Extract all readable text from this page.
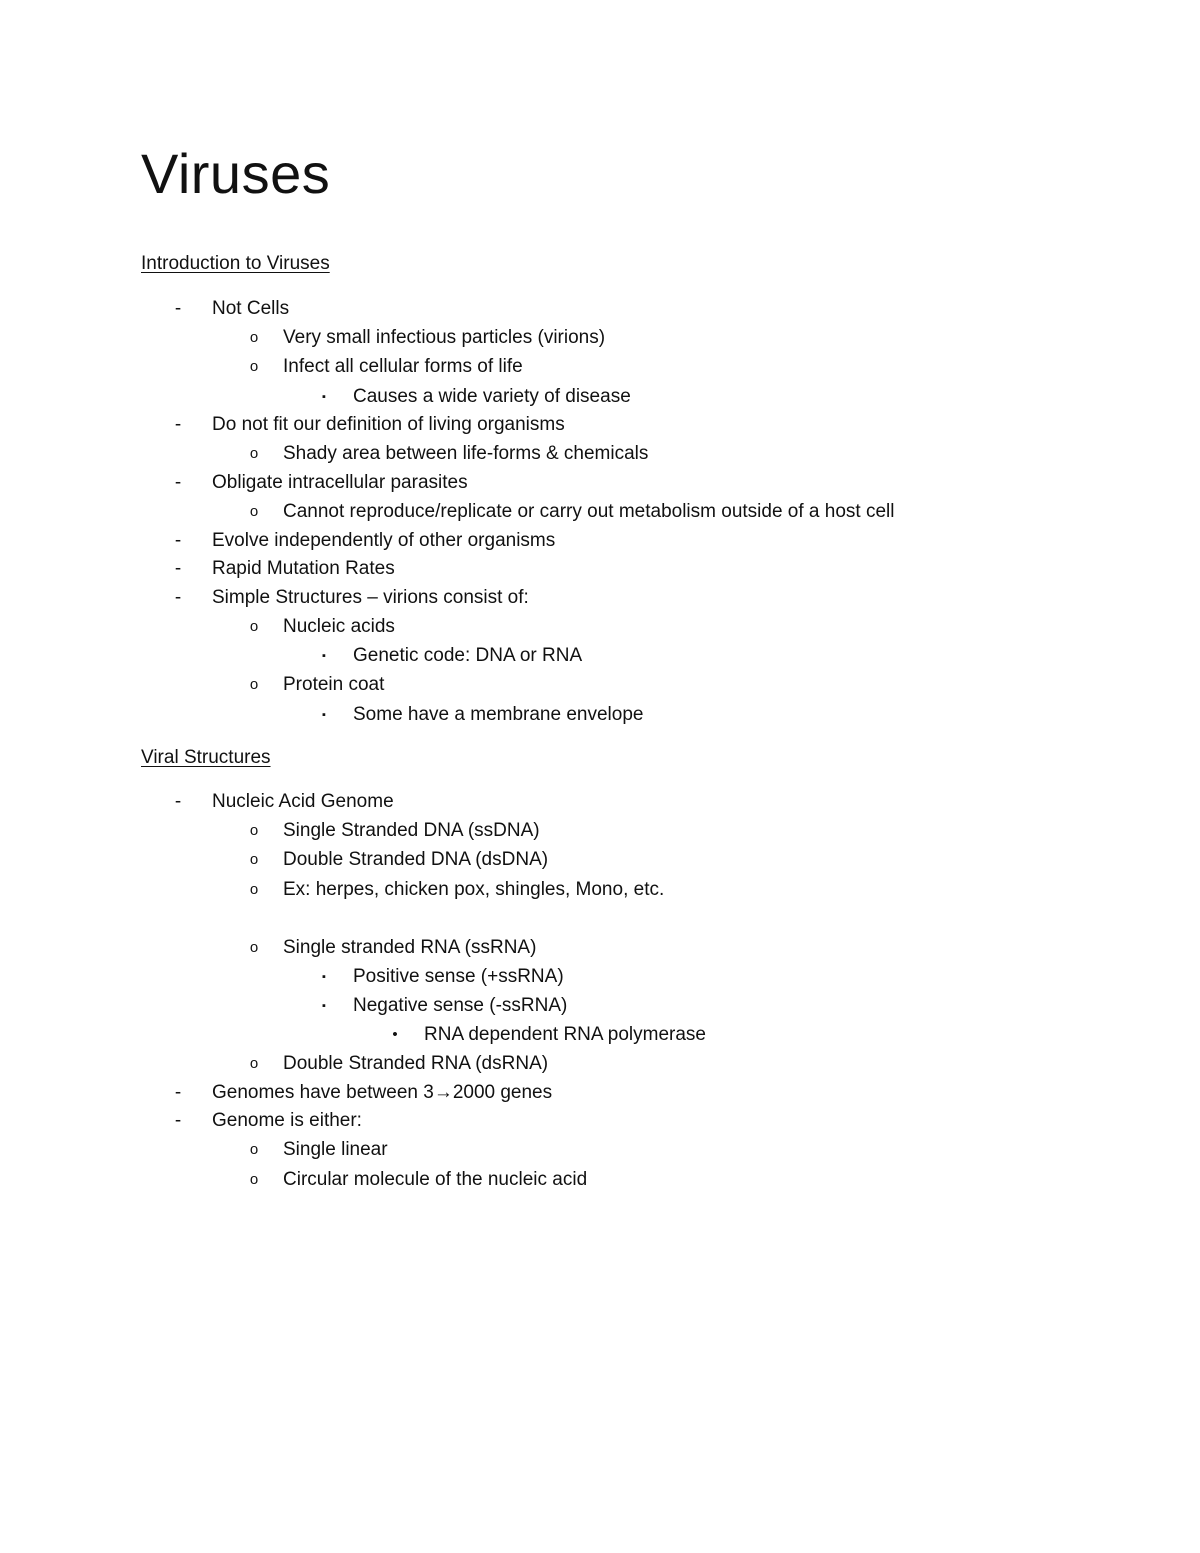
Viruses
Introduction to Viruses
-	Not Cells
o	Very small infectious particles (virions)
o	Infect all cellular forms of life
▪	Causes a wide variety of disease
-	Do not fit our definition of living organisms
o	Shady area between life-forms & chemicals
-	Obligate intracellular parasites
o	Cannot reproduce/replicate or carry out metabolism outside of a host cell
-	Evolve independently of other organisms
-	Rapid Mutation Rates
-	Simple Structures – virions consist of:
o	Nucleic acids
▪	Genetic code: DNA or RNA
o	Protein coat
▪	Some have a membrane envelope
Viral Structures
-	Nucleic Acid Genome
o	Single Stranded DNA (ssDNA)
o	Double Stranded DNA (dsDNA)
o	Ex: herpes, chicken pox, shingles, Mono, etc.
o	Single stranded RNA (ssRNA)
▪	Positive sense (+ssRNA)
▪	Negative sense (-ssRNA)
•	RNA dependent RNA polymerase
o	Double Stranded RNA (dsRNA)
-	Genomes have between 3→2000 genes
-	Genome is either:
o	Single linear
o	Circular molecule of the nucleic acid
